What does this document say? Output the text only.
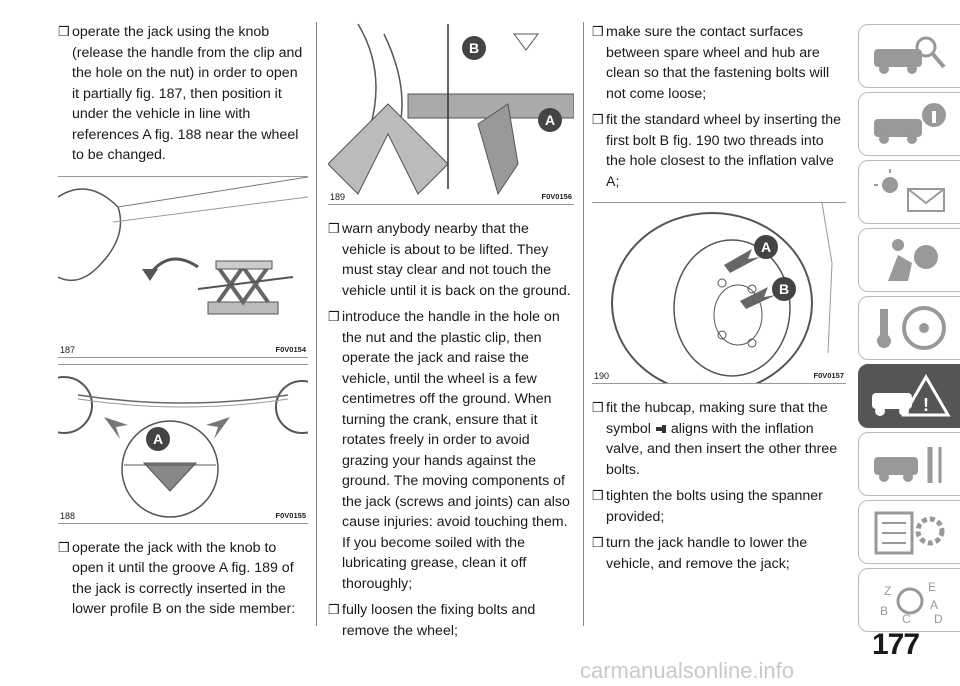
❒ operate the jack using the knob (release the handle from the clip and the hole on the nut) in order to open it partially fig. 187, then position it under the vehicle in line with references A fig. 188 near the wheel to be changed.

187	F0V0154
A
188	F0V0155

❒ operate the jack with the knob to open it until the groove A fig. 189 of the jack is correctly inserted in the lower profile B on the side member:

B
A
189	F0V0156

❒ warn anybody nearby that the vehicle is about to be lifted. They must stay clear and not touch the vehicle until it is back on the ground.

❒ introduce the handle in the hole on the nut and the plastic clip, then operate the jack and raise the vehicle, until the wheel is a few centimetres off the ground. When turning the crank, ensure that it rotates freely in order to avoid grazing your hands against the ground. The moving components of the jack (screws and joints) can also cause injuries: avoid touching them. If you become soiled with the lubricating grease, clean it off thoroughly;

❒ fully loosen the fixing bolts and remove the wheel;

❒ make sure the contact surfaces between spare wheel and hub are clean so that the fastening bolts will not come loose;

❒ fit the standard wheel by inserting the first bolt B fig. 190 two threads into the hole closest to the inflation valve A;

A
B
190	F0V0157

❒ fit the hubcap, making sure that the symbol aligns with the inflation valve, and then insert the other three bolts.

❒ tighten the bolts using the spanner provided;

❒ turn the jack handle to lower the vehicle, and remove the jack;

!
Z	E
A
B
C D
177
carmanualsonline.info
